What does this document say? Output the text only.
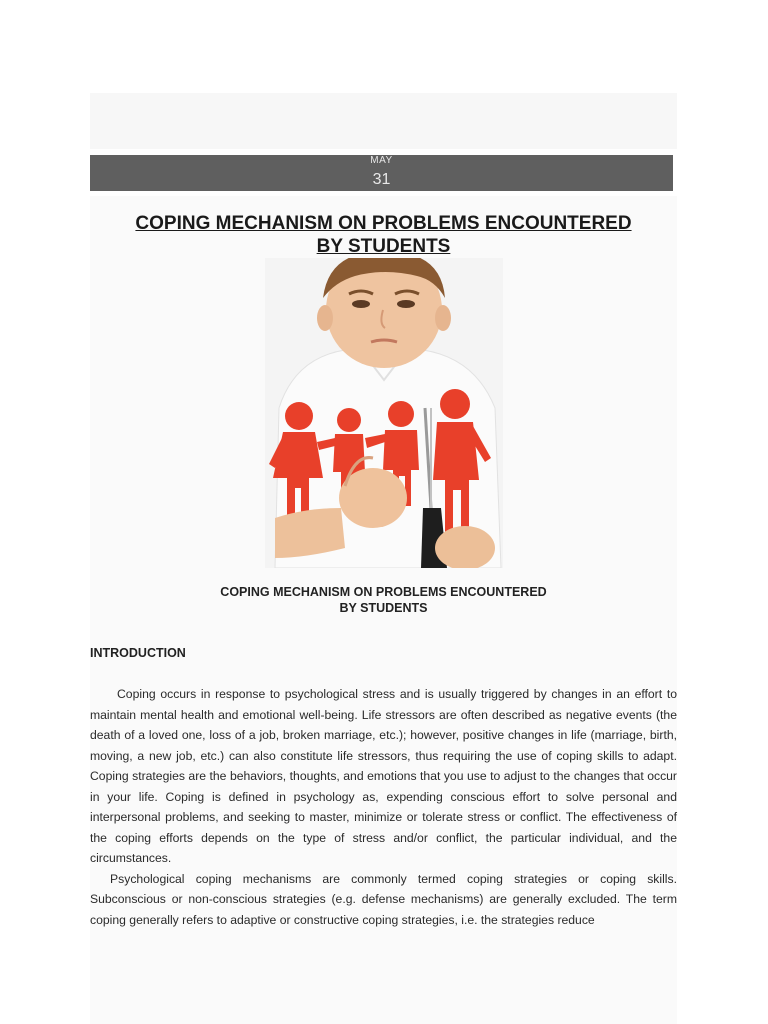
MAY
31
COPING MECHANISM ON PROBLEMS ENCOUNTERED BY STUDENTS
COPING MECHANISM ON PROBLEMS ENCOUNTERED
BY STUDENTS
INTRODUCTION

Coping occurs in response to psychological stress and is usually triggered by changes in an effort to maintain mental health and emotional well-being. Life stressors are often described as negative events (the death of a loved one, loss of a job, broken marriage, etc.); however, positive changes in life (marriage, birth, moving, a new job, etc.) can also constitute life stressors, thus requiring the use of coping skills to adapt. Coping strategies are the behaviors, thoughts, and emotions that you use to adjust to the changes that occur in your life. Coping is defined in psychology as, expending conscious effort to solve personal and interpersonal problems, and seeking to master, minimize or tolerate stress or conflict. The effectiveness of the coping efforts depends on the type of stress and/or conflict, the particular individual, and the circumstances.

Psychological coping mechanisms are commonly termed coping strategies or coping skills. Subconscious or non-conscious strategies (e.g. defense mechanisms) are generally excluded. The term coping generally refers to adaptive or constructive coping strategies, i.e. the strategies reduce
